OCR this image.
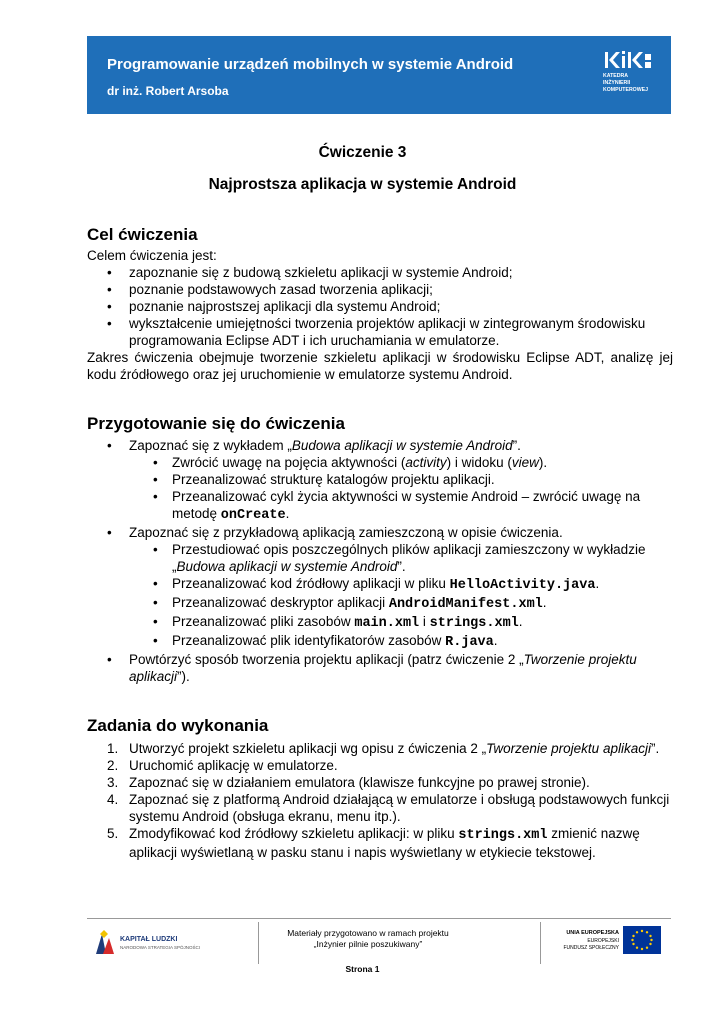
Programowanie urządzeń mobilnych w systemie Android
dr inż. Robert Arsoba
KATEDRA
INŻYNIERII
KOMPUTEROWEJ
Ćwiczenie 3
Najprostsza aplikacja w systemie Android
Cel ćwiczenia

Celem ćwiczenia jest:

• zapoznanie się z budową szkieletu aplikacji w systemie Android;
• poznanie podstawowych zasad tworzenia aplikacji;
• poznanie najprostszej aplikacji dla systemu Android;
• wykształcenie umiejętności tworzenia projektów aplikacji w zintegrowanym środowisku programowania Eclipse ADT i ich uruchamiania w emulatorze.

Zakres ćwiczenia obejmuje tworzenie szkieletu aplikacji w środowisku Eclipse ADT, analizę jej kodu źródłowego oraz jej uruchomienie w emulatorze systemu Android.

Przygotowanie się do ćwiczenia
• Zapoznać się z wykładem „Budowa aplikacji w systemie Android”.
• Zwrócić uwagę na pojęcia aktywności (activity) i widoku (view).
• Przeanalizować strukturę katalogów projektu aplikacji.
• Przeanalizować cykl życia aktywności w systemie Android – zwrócić uwagę na metodę onCreate.
• Zapoznać się z przykładową aplikacją zamieszczoną w opisie ćwiczenia.
• Przestudiować opis poszczególnych plików aplikacji zamieszczony w wykładzie „Budowa aplikacji w systemie Android”.
• Przeanalizować kod źródłowy aplikacji w pliku HelloActivity.java.
• Przeanalizować deskryptor aplikacji AndroidManifest.xml.
• Przeanalizować pliki zasobów main.xml i strings.xml.
• Przeanalizować plik identyfikatorów zasobów R.java.
• Powtórzyć sposób tworzenia projektu aplikacji (patrz ćwiczenie 2 „Tworzenie projektu aplikacji”).
Zadania do wykonania
1. Utworzyć projekt szkieletu aplikacji wg opisu z ćwiczenia 2 „Tworzenie projektu aplikacji”.
2. Uruchomić aplikację w emulatorze.
3. Zapoznać się w działaniem emulatora (klawisze funkcyjne po prawej stronie).
4. Zapoznać się z platformą Android działającą w emulatorze i obsługą podstawowych funkcji systemu Android (obsługa ekranu, menu itp.).
5. Zmodyfikować kod źródłowy szkieletu aplikacji: w pliku strings.xml zmienić nazwę aplikacji wyświetlaną w pasku stanu i napis wyświetlany w etykiecie tekstowej.
KAPITAŁ LUDZKI
NARODOWA STRATEGIA SPÓJNOŚCI
Materiały przygotowano w ramach projektu
„Inżynier pilnie poszukiwany”
UNIA EUROPEJSKA
EUROPEJSKI
FUNDUSZ SPOŁECZNY
Strona 1
